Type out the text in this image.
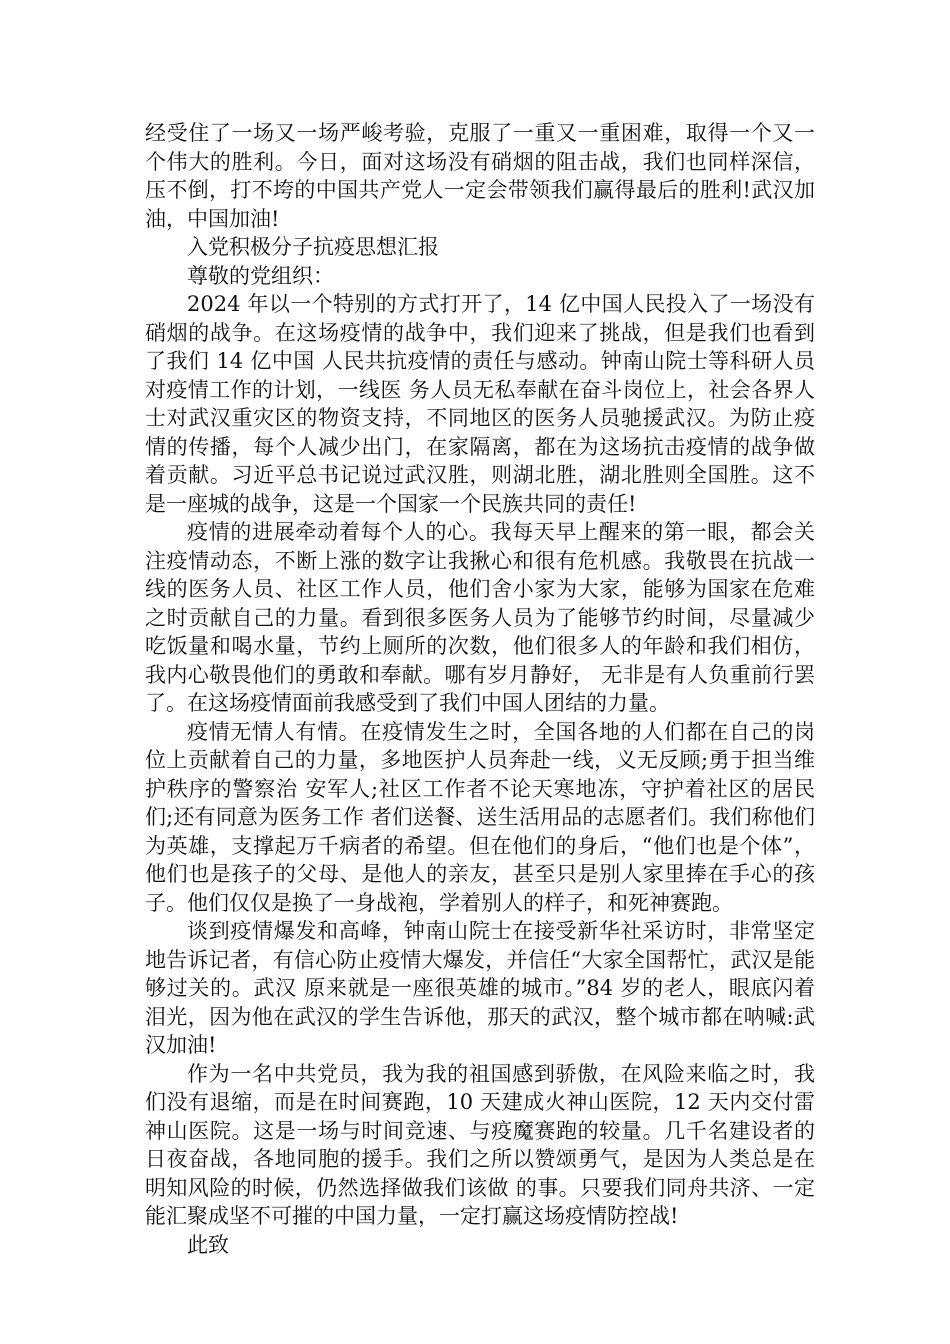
经受住了一场又一场严峻考验，克服了一重又一重困难，取得一个又一个伟大的胜利。今日，面对这场没有硝烟的阻击战，我们也同样深信，压不倒，打不垮的中国共产党人一定会带领我们赢得最后的胜利!武汉加油，中国加油!

入党积极分子抗疫思想汇报

尊敬的党组织：

2024 年以一个特别的方式打开了，14 亿中国人民投入了一场没有硝烟的战争。在这场疫情的战争中，我们迎来了挑战，但是我们也看到了我们 14 亿中国 人民共抗疫情的责任与感动。钟南山院士等科研人员对疫情工作的计划，一线医 务人员无私奉献在奋斗岗位上，社会各界人士对武汉重灾区的物资支持，不同地区的医务人员驰援武汉。为防止疫情的传播，每个人减少出门，在家隔离，都在为这场抗击疫情的战争做着贡献。习近平总书记说过武汉胜，则湖北胜，湖北胜则全国胜。这不是一座城的战争，这是一个国家一个民族共同的责任!

疫情的进展牵动着每个人的心。我每天早上醒来的第一眼，都会关注疫情动态，不断上涨的数字让我揪心和很有危机感。我敬畏在抗战一线的医务人员、社区工作人员，他们舍小家为大家，能够为国家在危难之时贡献自己的力量。看到很多医务人员为了能够节约时间，尽量减少吃饭量和喝水量，节约上厕所的次数，他们很多人的年龄和我们相仿，我内心敬畏他们的勇敢和奉献。哪有岁月静好， 无非是有人负重前行罢了。在这场疫情面前我感受到了我们中国人团结的力量。

疫情无情人有情。在疫情发生之时，全国各地的人们都在自己的岗位上贡献着自己的力量，多地医护人员奔赴一线，义无反顾;勇于担当维护秩序的警察治 安军人;社区工作者不论天寒地冻，守护着社区的居民们;还有同意为医务工作 者们送餐、送生活用品的志愿者们。我们称他们为英雄，支撑起万千病者的希望。但在他们的身后，“他们也是个体”，他们也是孩子的父母、是他人的亲友，甚至只是别人家里捧在手心的孩子。他们仅仅是换了一身战袍，学着别人的样子，和死神赛跑。

谈到疫情爆发和高峰，钟南山院士在接受新华社采访时，非常坚定地告诉记者，有信心防止疫情大爆发，并信任“大家全国帮忙，武汉是能够过关的。武汉 原来就是一座很英雄的城市。”84 岁的老人，眼底闪着泪光，因为他在武汉的学生告诉他，那天的武汉，整个城市都在呐喊:武汉加油!

作为一名中共党员，我为我的祖国感到骄傲，在风险来临之时，我们没有退缩，而是在时间赛跑，10 天建成火神山医院，12 天内交付雷神山医院。这是一场与时间竞速、与疫魔赛跑的较量。几千名建设者的日夜奋战，各地同胞的援手。我们之所以赞颂勇气，是因为人类总是在明知风险的时候，仍然选择做我们该做 的事。只要我们同舟共济、一定能汇聚成坚不可摧的中国力量，一定打赢这场疫情防控战!

此致
